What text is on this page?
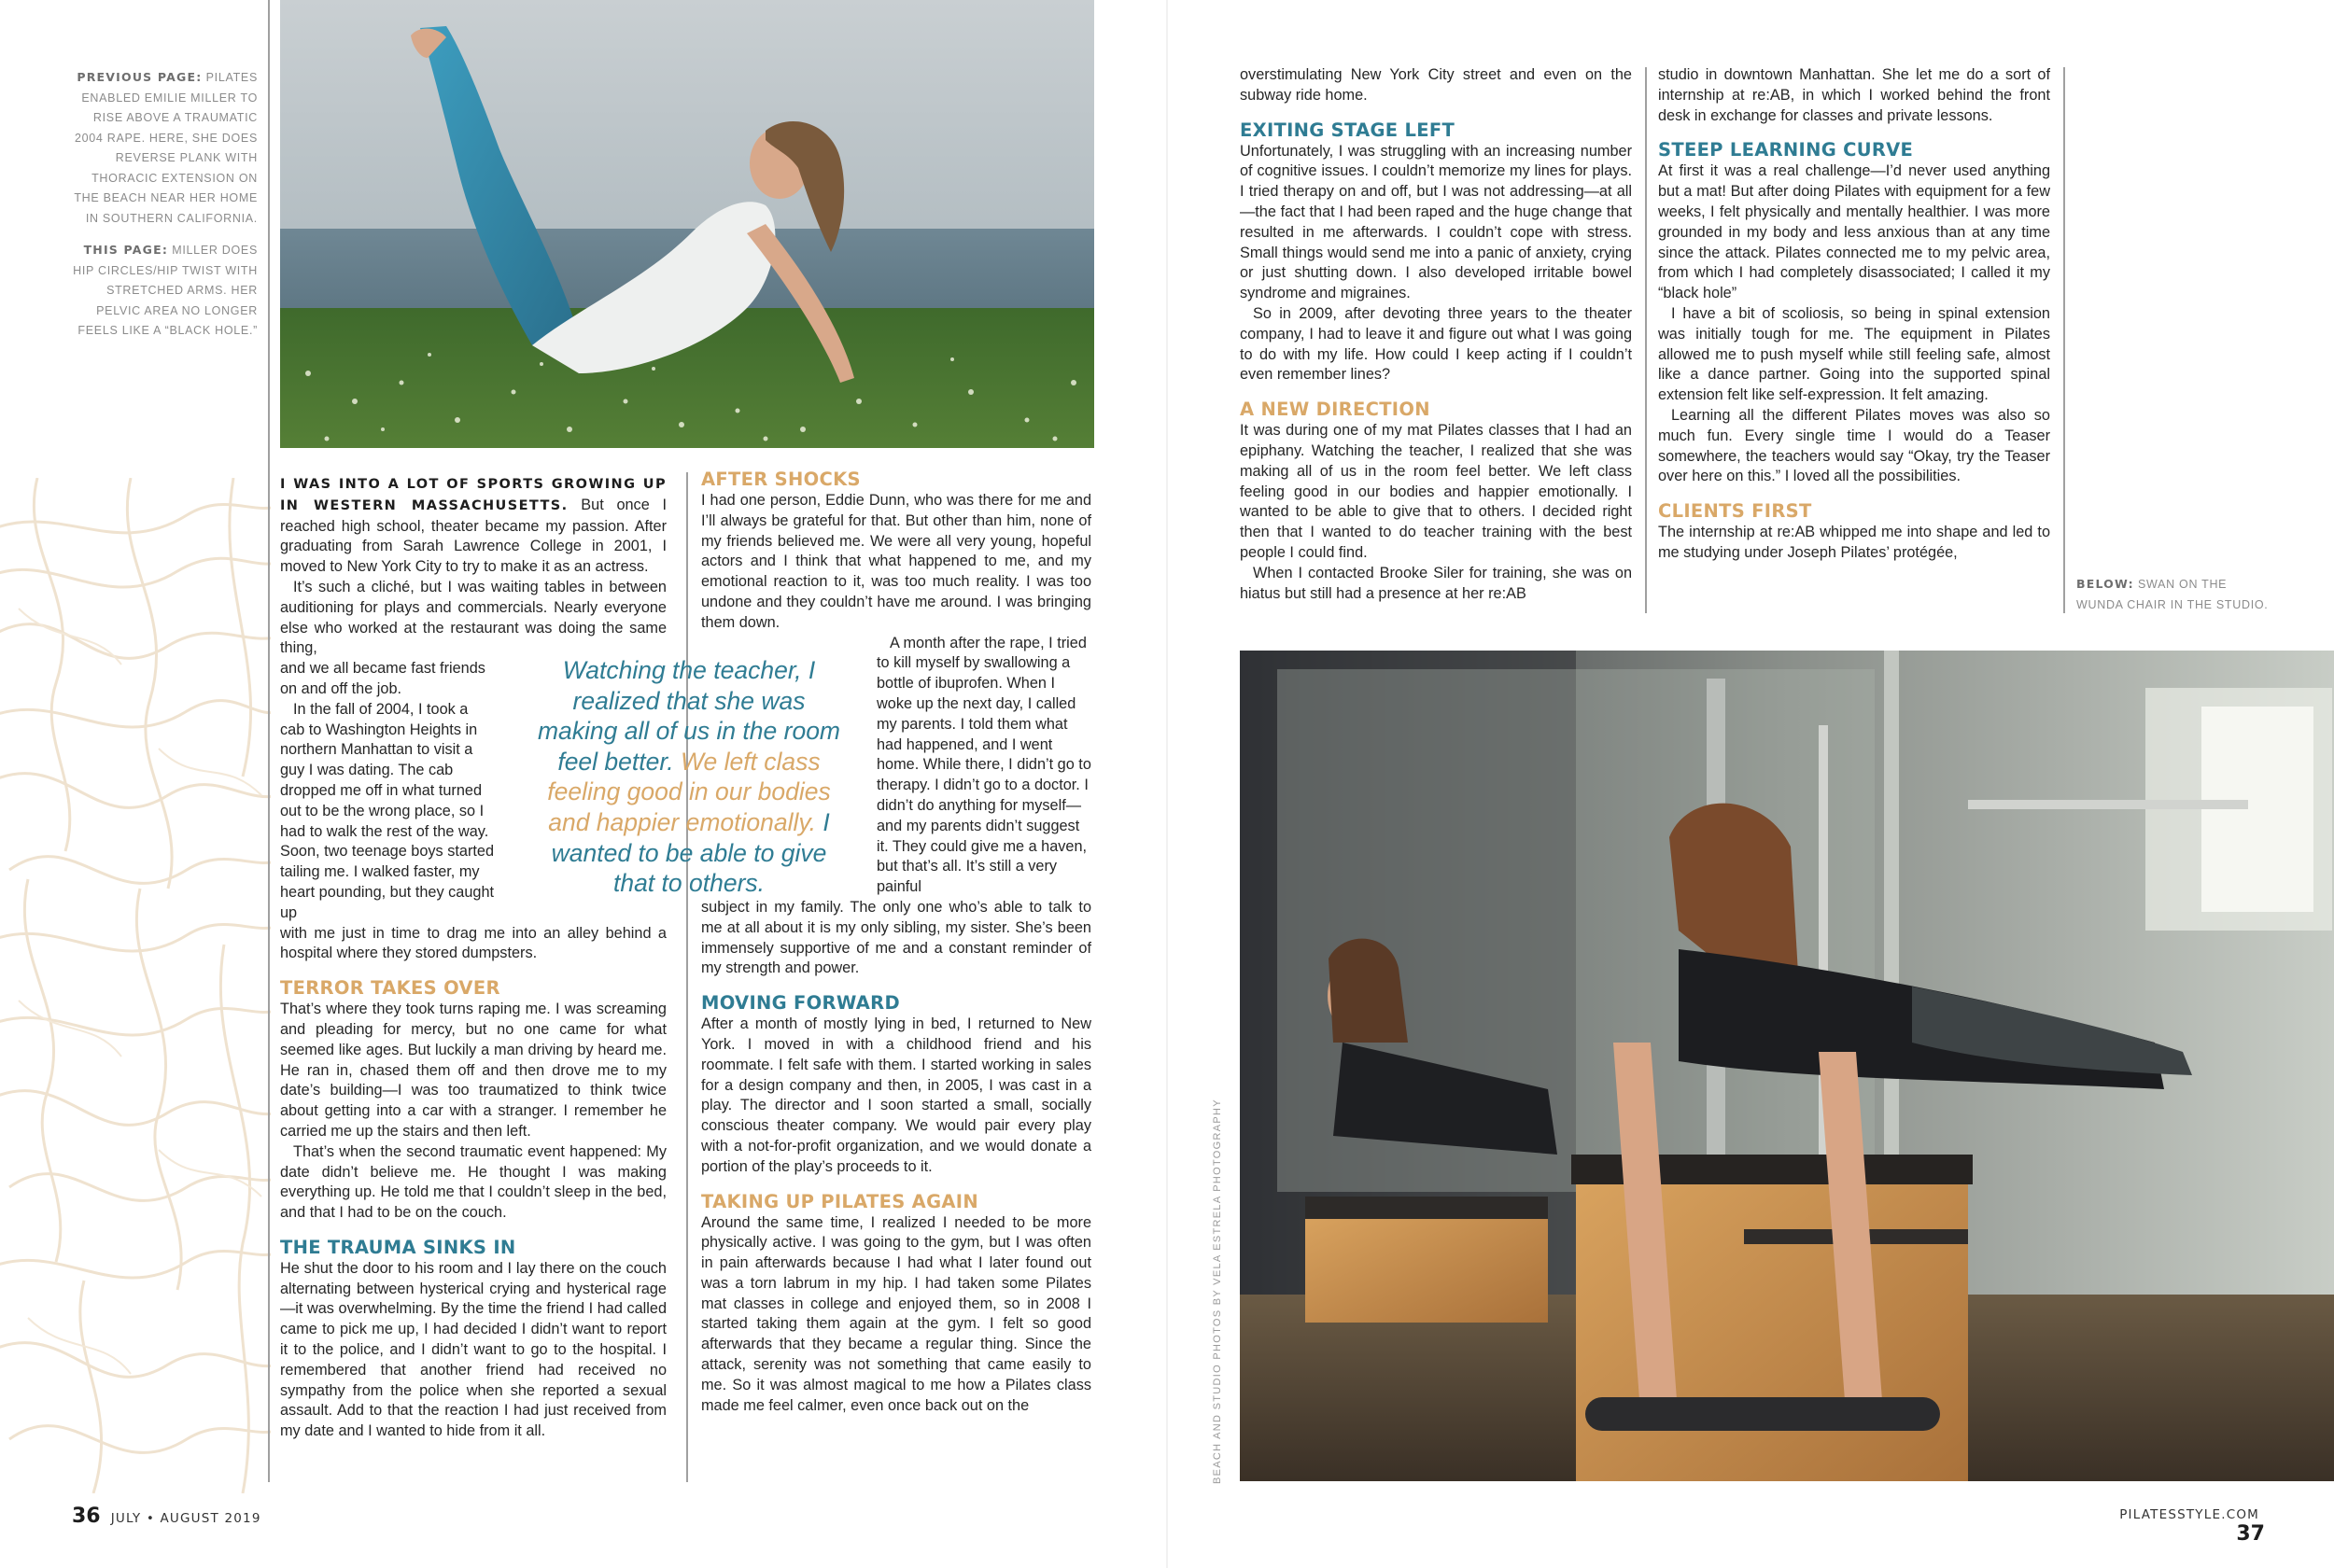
PREVIOUS PAGE: PILATES ENABLED EMILIE MILLER TO RISE ABOVE A TRAUMATIC 2004 RAPE. HERE, SHE DOES REVERSE PLANK WITH THORACIC EXTENSION ON THE BEACH NEAR HER HOME IN SOUTHERN CALIFORNIA.

THIS PAGE: MILLER DOES HIP CIRCLES/HIP TWIST WITH STRETCHED ARMS. HER PELVIC AREA NO LONGER FEELS LIKE A “BLACK HOLE.”

I WAS INTO A LOT OF SPORTS GROWING UP IN WESTERN MASSACHUSETTS. But once I reached high school, theater became my passion. After graduating from Sarah Lawrence College in 2001, I moved to New York City to try to make it as an actress.

It’s such a cliché, but I was waiting tables in between auditioning for plays and commercials. Nearly everyone else who worked at the restaurant was doing the same thing,

and we all became fast friends on and off the job.

In the fall of 2004, I took a cab to Washington Heights in northern Manhattan to visit a guy I was dating. The cab dropped me off in what turned out to be the wrong place, so I had to walk the rest of the way. Soon, two teenage boys started tailing me. I walked faster, my heart pounding, but they caught up

with me just in time to drag me into an alley behind a hospital where they stored dumpsters.

TERROR TAKES OVER

That’s where they took turns raping me. I was screaming and pleading for mercy, but no one came for what seemed like ages. But luckily a man driving by heard me. He ran in, chased them off and then drove me to my date’s building—I was too traumatized to think twice about getting into a car with a stranger. I remember he carried me up the stairs and then left.

That’s when the second traumatic event happened: My date didn’t believe me. He thought I was making everything up. He told me that I couldn’t sleep in the bed, and that I had to be on the couch.

THE TRAUMA SINKS IN

He shut the door to his room and I lay there on the couch alternating between hysterical crying and hysterical rage—it was overwhelming. By the time the friend I had called came to pick me up, I had decided I didn’t want to report it to the police, and I didn’t want to go to the hospital. I remembered that another friend had received no sympathy from the police when she reported a sexual assault. Add to that the reaction I had just received from my date and I wanted to hide from it all.

Watching the teacher, I realized that she was making all of us in the room feel better. We left class feeling good in our bodies and happier emotionally. I wanted to be able to give that to others.
AFTER SHOCKS

I had one person, Eddie Dunn, who was there for me and I’ll always be grateful for that. But other than him, none of my friends believed me. We were all very young, hopeful actors and I think that what happened to me, and my emotional reaction to it, was too much reality. I was too undone and they couldn’t have me around. I was bringing them down.

A month after the rape, I tried to kill myself by swallowing a bottle of ibuprofen. When I woke up the next day, I called my parents. I told them what had happened, and I went home. While there, I didn’t go to therapy. I didn’t go to a doctor. I didn’t do anything for myself—and my parents didn’t suggest it. They could give me a haven, but that’s all. It’s still a very painful

subject in my family. The only one who’s able to talk to me at all about it is my only sibling, my sister. She’s been immensely supportive of me and a constant reminder of my strength and power.

MOVING FORWARD

After a month of mostly lying in bed, I returned to New York. I moved in with a childhood friend and his roommate. I felt safe with them. I started working in sales for a design company and then, in 2005, I was cast in a play. The director and I soon started a small, socially conscious theater company. We would pair every play with a not-for-profit organization, and we would donate a portion of the play’s proceeds to it.

TAKING UP PILATES AGAIN

Around the same time, I realized I needed to be more physically active. I was going to the gym, but I was often in pain afterwards because I had what I later found out was a torn labrum in my hip. I had taken some Pilates mat classes in college and enjoyed them, so in 2008 I started taking them again at the gym. I felt so good afterwards that they became a regular thing. Since the attack, serenity was not something that came easily to me. So it was almost magical to me how a Pilates class made me feel calmer, even once back out on the

36 JULY • AUGUST 2019

overstimulating New York City street and even on the subway ride home.

EXITING STAGE LEFT

Unfortunately, I was struggling with an increasing number of cognitive issues. I couldn’t memorize my lines for plays. I tried therapy on and off, but I was not addressing—at all—the fact that I had been raped and the huge change that resulted in me afterwards. I couldn’t cope with stress. Small things would send me into a panic of anxiety, crying or just shutting down. I also developed irritable bowel syndrome and migraines.

So in 2009, after devoting three years to the theater company, I had to leave it and figure out what I was going to do with my life. How could I keep acting if I couldn’t even remember lines?

A NEW DIRECTION

It was during one of my mat Pilates classes that I had an epiphany. Watching the teacher, I realized that she was making all of us in the room feel better. We left class feeling good in our bodies and happier emotionally. I wanted to be able to give that to others. I decided right then that I wanted to do teacher training with the best people I could find.

When I contacted Brooke Siler for training, she was on hiatus but still had a presence at her re:AB

studio in downtown Manhattan. She let me do a sort of internship at re:AB, in which I worked behind the front desk in exchange for classes and private lessons.

STEEP LEARNING CURVE

At first it was a real challenge—I’d never used anything but a mat! But after doing Pilates with equipment for a few weeks, I felt physically and mentally healthier. I was more grounded in my body and less anxious than at any time since the attack. Pilates connected me to my pelvic area, from which I had completely disassociated; I called it my “black hole”

I have a bit of scoliosis, so being in spinal extension was initially tough for me. The equipment in Pilates allowed me to push myself while still feeling safe, almost like a dance partner. Going into the supported spinal extension felt like self-expression. It felt amazing.

Learning all the different Pilates moves was also so much fun. Every single time I would do a Teaser somewhere, the teachers would say “Okay, try the Teaser over here on this.” I loved all the possibilities.

CLIENTS FIRST

The internship at re:AB whipped me into shape and led to me studying under Joseph Pilates’ protégée,

BELOW: SWAN ON THE WUNDA CHAIR IN THE STUDIO.
BEACH AND STUDIO PHOTOS BY VELA ESTRELA PHOTOGRAPHY
PILATESSTYLE.COM 37
